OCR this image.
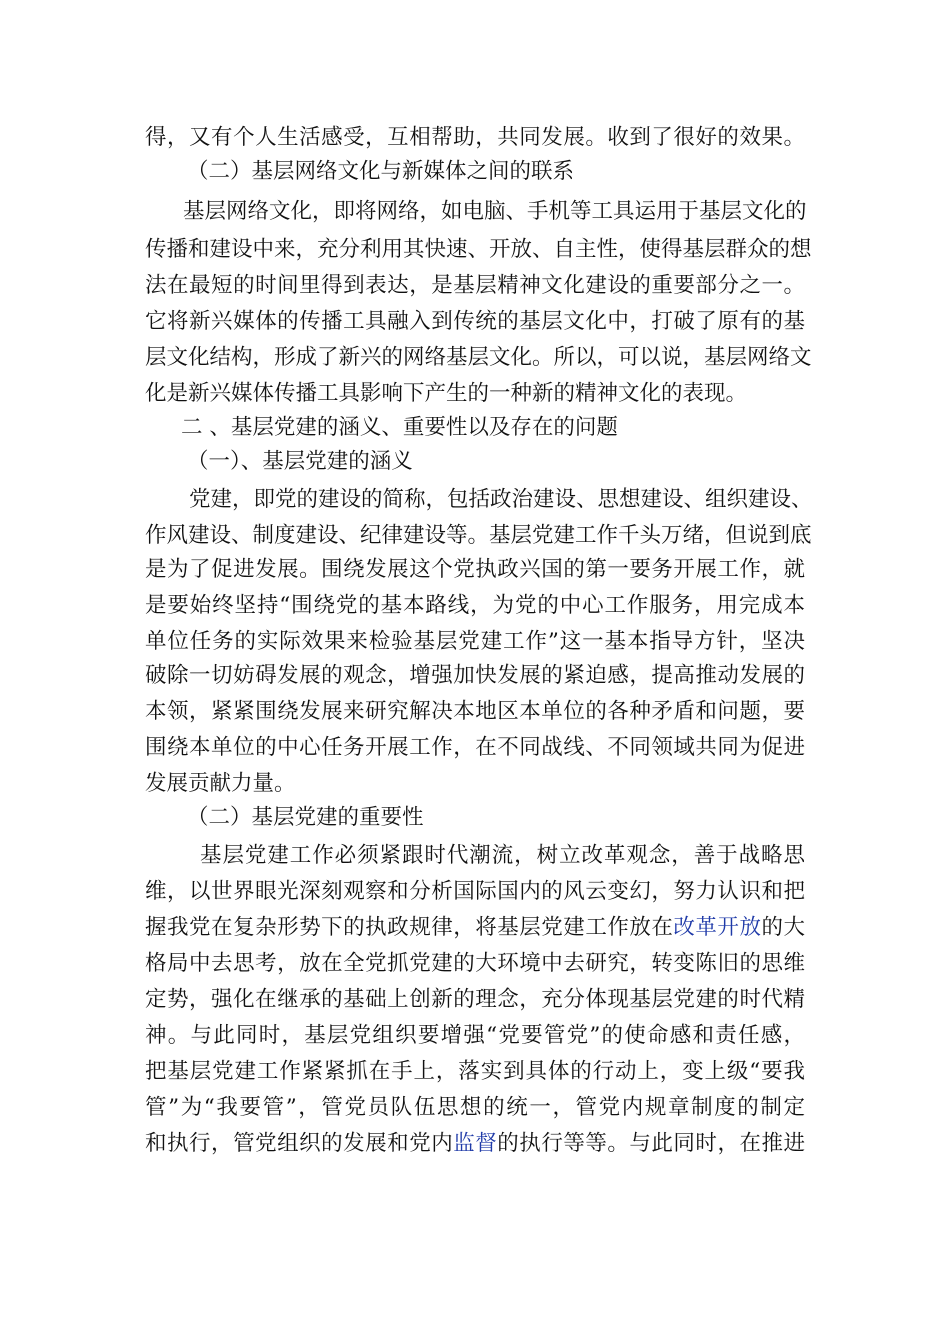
得，又有个人生活感受，互相帮助，共同发展。收到了很好的效果。
（二）基层网络文化与新媒体之间的联系
基层网络文化，即将网络，如电脑、手机等工具运用于基层文化的
传播和建设中来，充分利用其快速、开放、自主性，使得基层群众的想
法在最短的时间里得到表达，是基层精神文化建设的重要部分之一。
它将新兴媒体的传播工具融入到传统的基层文化中，打破了原有的基
层文化结构，形成了新兴的网络基层文化。所以，可以说，基层网络文
化是新兴媒体传播工具影响下产生的一种新的精神文化的表现。
二 、基层党建的涵义、重要性以及存在的问题
（一）、基层党建的涵义
党建，即党的建设的简称，包括政治建设、思想建设、组织建设、
作风建设、制度建设、纪律建设等。基层党建工作千头万绪，但说到底
是为了促进发展。围绕发展这个党执政兴国的第一要务开展工作，就
是要始终坚持“围绕党的基本路线，为党的中心工作服务，用完成本
单位任务的实际效果来检验基层党建工作”这一基本指导方针，坚决
破除一切妨碍发展的观念，增强加快发展的紧迫感，提高推动发展的
本领，紧紧围绕发展来研究解决本地区本单位的各种矛盾和问题，要
围绕本单位的中心任务开展工作，在不同战线、不同领域共同为促进
发展贡献力量。
（二）基层党建的重要性
基层党建工作必须紧跟时代潮流，树立改革观念，善于战略思
维，以世界眼光深刻观察和分析国际国内的风云变幻，努力认识和把
握我党在复杂形势下的执政规律，将基层党建工作放在改革开放的大
格局中去思考，放在全党抓党建的大环境中去研究，转变陈旧的思维
定势，强化在继承的基础上创新的理念，充分体现基层党建的时代精
神。与此同时，基层党组织要增强“党要管党”的使命感和责任感，
把基层党建工作紧紧抓在手上，落实到具体的行动上，变上级“要我
管”为“我要管”，管党员队伍思想的统一，管党内规章制度的制定
和执行，管党组织的发展和党内监督的执行等等。与此同时，在推进
